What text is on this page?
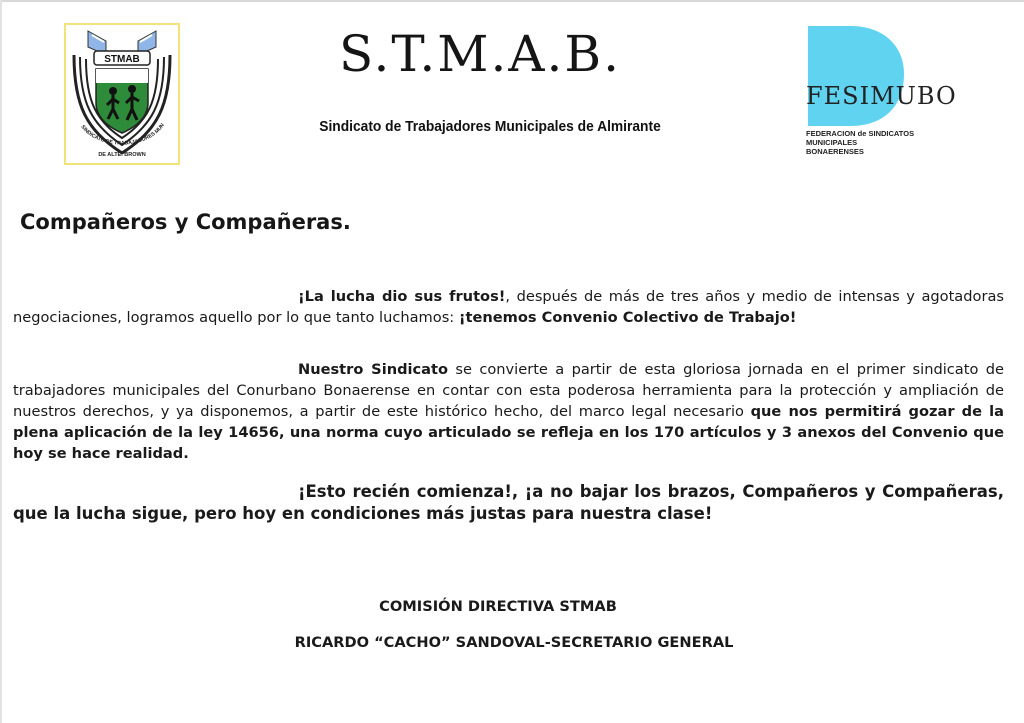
STMAB
SINDICATO DE TRABAJADORES MUN
DE ALTE. BROWN
S.T.M.A.B.
Sindicato de Trabajadores Municipales de Almirante
FESIMUBO
FEDERACION de SINDICATOS
MUNICIPALES BONAERENSES
Compañeros y Compañeras.
¡La lucha dio sus frutos!, después de más de tres años y medio de intensas y agotadoras negociaciones, logramos aquello por lo que tanto luchamos: ¡tenemos Convenio Colectivo de Trabajo!
Nuestro Sindicato se convierte a partir de esta gloriosa jornada en el primer sindicato de trabajadores municipales del Conurbano Bonaerense en contar con esta poderosa herramienta para la protección y ampliación de nuestros derechos, y ya disponemos, a partir de este histórico hecho, del marco legal necesario que nos permitirá gozar de la plena aplicación de la ley 14656, una norma cuyo articulado se refleja en los 170 artículos y 3 anexos del Convenio que hoy se hace realidad.
¡Esto recién comienza!, ¡a no bajar los brazos, Compañeros y Compañeras, que la lucha sigue, pero hoy en condiciones más justas para nuestra clase!
COMISIÓN DIRECTIVA STMAB
RICARDO “CACHO” SANDOVAL-SECRETARIO GENERAL
